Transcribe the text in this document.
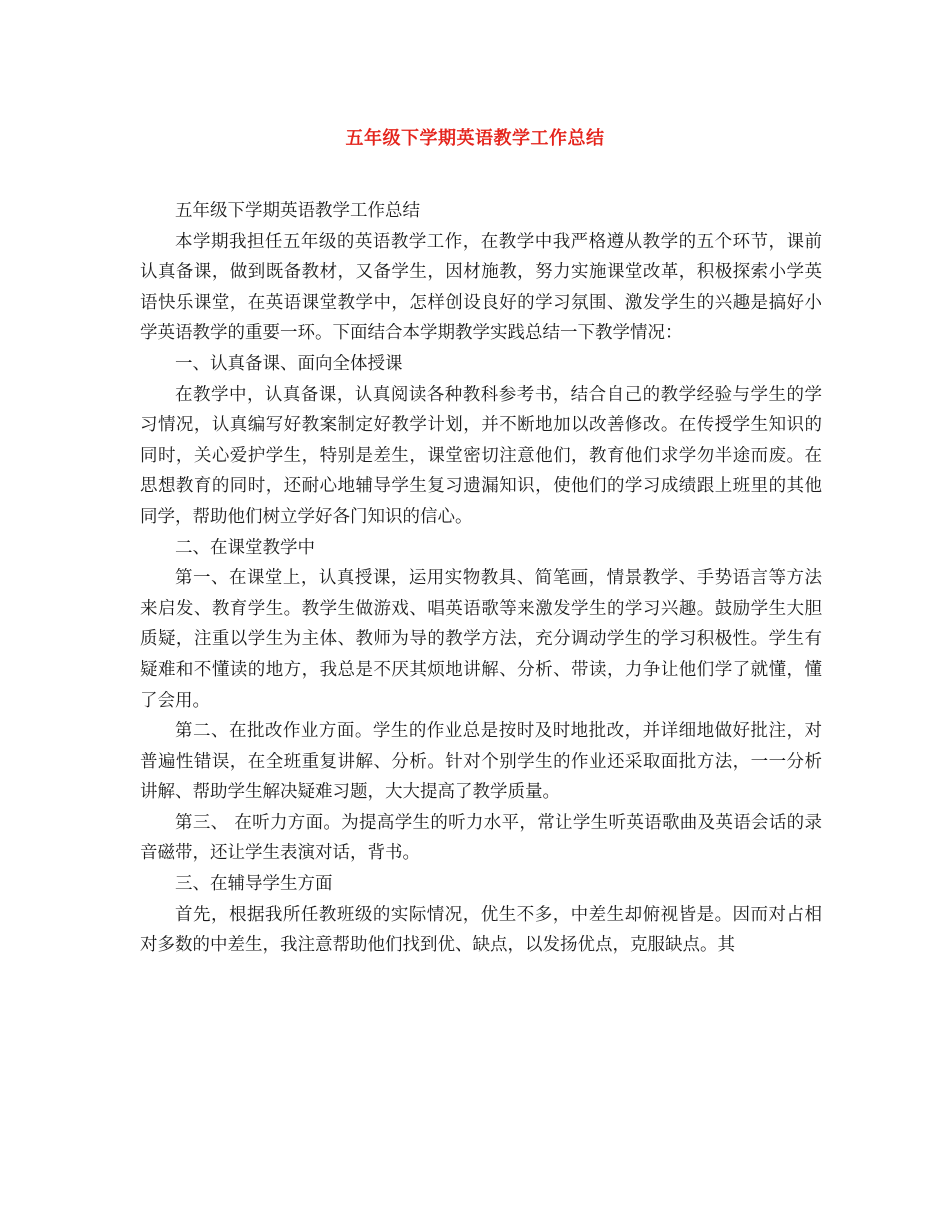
五年级下学期英语教学工作总结

五年级下学期英语教学工作总结

本学期我担任五年级的英语教学工作，在教学中我严格遵从教学的五个环节，课前认真备课，做到既备教材，又备学生，因材施教，努力实施课堂改革，积极探索小学英语快乐课堂，在英语课堂教学中，怎样创设良好的学习氛围、激发学生的兴趣是搞好小学英语教学的重要一环。下面结合本学期教学实践总结一下教学情况：

一、认真备课、面向全体授课

在教学中，认真备课，认真阅读各种教科参考书，结合自己的教学经验与学生的学习情况，认真编写好教案制定好教学计划，并不断地加以改善修改。在传授学生知识的同时，关心爱护学生，特别是差生，课堂密切注意他们，教育他们求学勿半途而废。在思想教育的同时，还耐心地辅导学生复习遗漏知识，使他们的学习成绩跟上班里的其他同学，帮助他们树立学好各门知识的信心。

二、在课堂教学中

第一、在课堂上，认真授课，运用实物教具、简笔画，情景教学、手势语言等方法来启发、教育学生。教学生做游戏、唱英语歌等来激发学生的学习兴趣。鼓励学生大胆质疑，注重以学生为主体、教师为导的教学方法，充分调动学生的学习积极性。学生有疑难和不懂读的地方，我总是不厌其烦地讲解、分析、带读，力争让他们学了就懂，懂了会用。

第二、在批改作业方面。学生的作业总是按时及时地批改，并详细地做好批注，对普遍性错误，在全班重复讲解、分析。针对个别学生的作业还采取面批方法，一一分析讲解、帮助学生解决疑难习题，大大提高了教学质量。

第三、 在听力方面。为提高学生的听力水平，常让学生听英语歌曲及英语会话的录音磁带，还让学生表演对话，背书。

三、在辅导学生方面

首先，根据我所任教班级的实际情况，优生不多，中差生却俯视皆是。因而对占相对多数的中差生，我注意帮助他们找到优、缺点，以发扬优点，克服缺点。其
